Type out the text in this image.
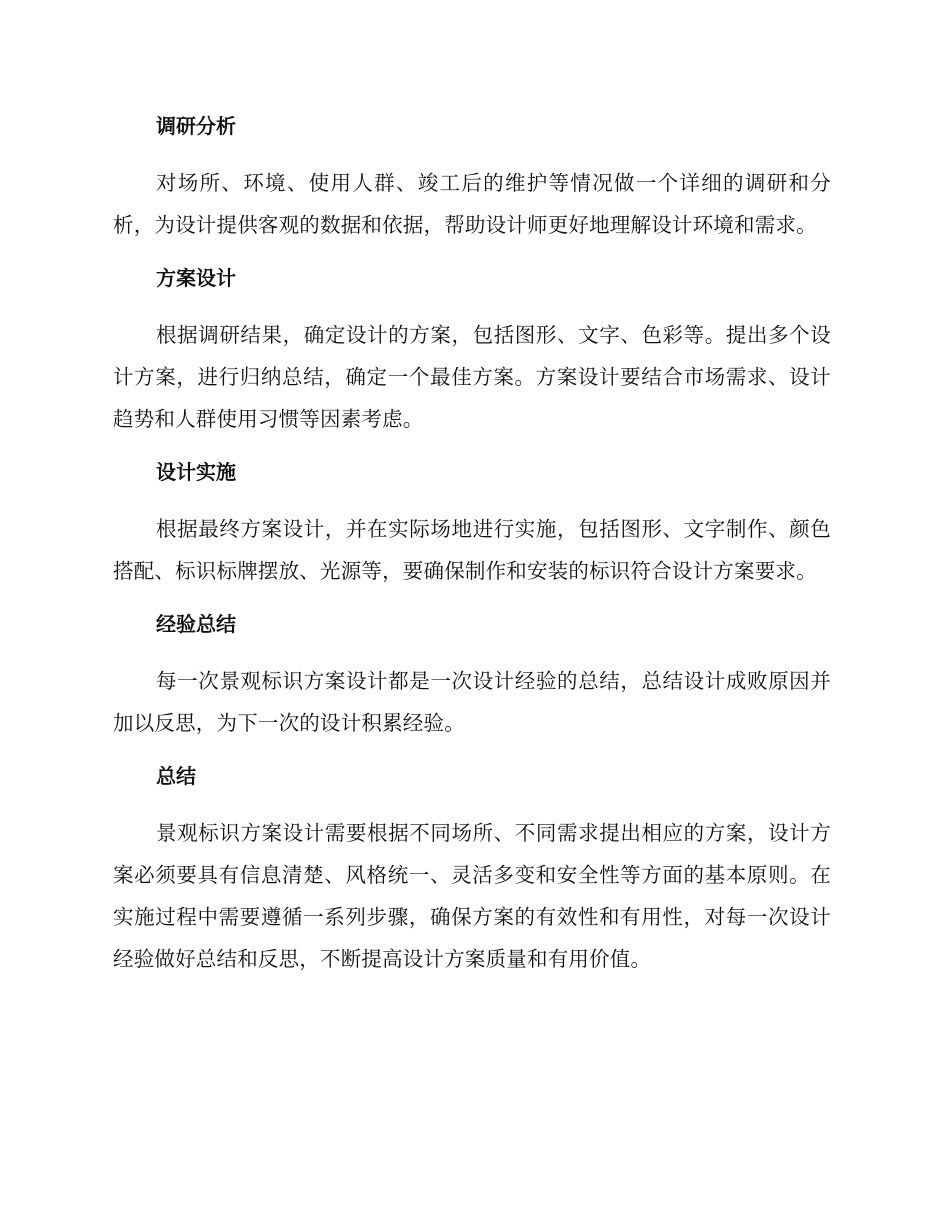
调研分析

对场所、环境、使用人群、竣工后的维护等情况做一个详细的调研和分析，为设计提供客观的数据和依据，帮助设计师更好地理解设计环境和需求。

方案设计

根据调研结果，确定设计的方案，包括图形、文字、色彩等。提出多个设计方案，进行归纳总结，确定一个最佳方案。方案设计要结合市场需求、设计趋势和人群使用习惯等因素考虑。

设计实施

根据最终方案设计，并在实际场地进行实施，包括图形、文字制作、颜色搭配、标识标牌摆放、光源等，要确保制作和安装的标识符合设计方案要求。

经验总结

每一次景观标识方案设计都是一次设计经验的总结，总结设计成败原因并加以反思，为下一次的设计积累经验。

总结

景观标识方案设计需要根据不同场所、不同需求提出相应的方案，设计方案必须要具有信息清楚、风格统一、灵活多变和安全性等方面的基本原则。在实施过程中需要遵循一系列步骤，确保方案的有效性和有用性，对每一次设计经验做好总结和反思，不断提高设计方案质量和有用价值。
